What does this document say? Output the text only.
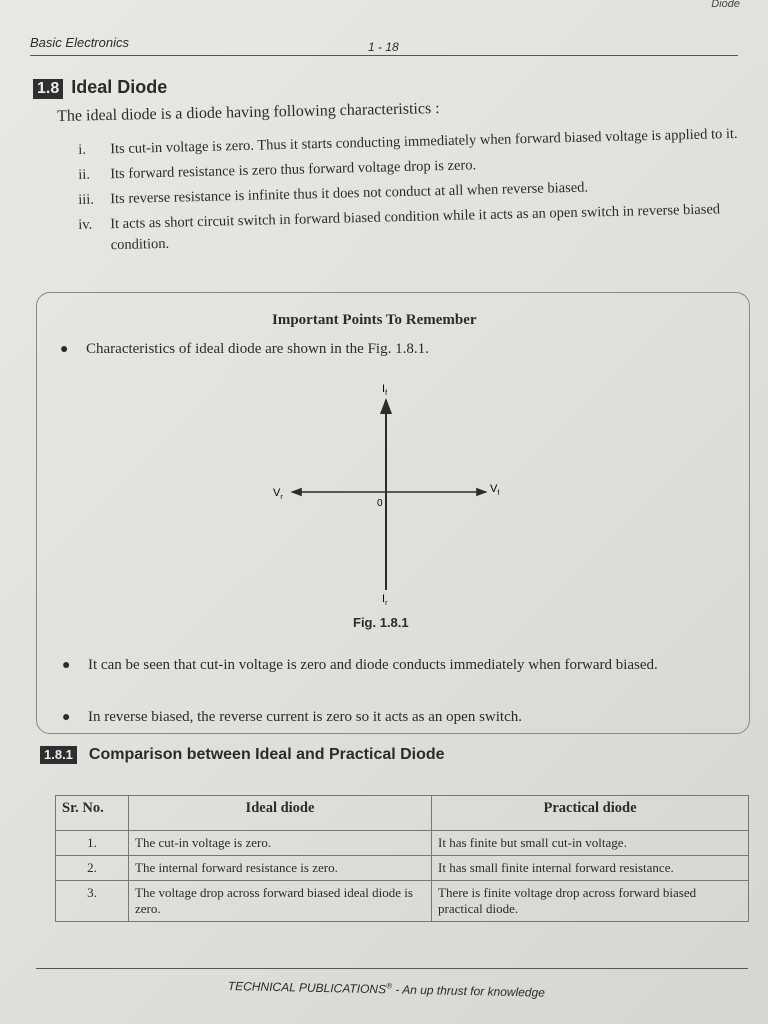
Diode
Basic Electronics	1 - 18
1.8 Ideal Diode
The ideal diode is a diode having following characteristics :
i.	Its cut-in voltage is zero. Thus it starts conducting immediately when forward biased voltage is applied to it.
ii.	Its forward resistance is zero thus forward voltage drop is zero.
iii.	Its reverse resistance is infinite thus it does not conduct at all when reverse biased.
iv.	It acts as short circuit switch in forward biased condition while it acts as an open switch in reverse biased condition.
Important Points To Remember
●	Characteristics of ideal diode are shown in the Fig. 1.8.1.
$I_f$
$I_r$
$V_r$
$V_f$
0
Fig. 1.8.1
●	It can be seen that cut-in voltage is zero and diode conducts immediately when forward biased.
●	In reverse biased, the reverse current is zero so it acts as an open switch.
1.8.1 Comparison between Ideal and Practical Diode
Sr. No.	Ideal diode	Practical diode
1.	The cut-in voltage is zero.	It has finite but small cut-in voltage.
2.	The internal forward resistance is zero.	It has small finite internal forward resistance.
3.	The voltage drop across forward biased ideal diode is zero.	There is finite voltage drop across forward biased practical diode.
TECHNICAL PUBLICATIONS® - An up thrust for knowledge
